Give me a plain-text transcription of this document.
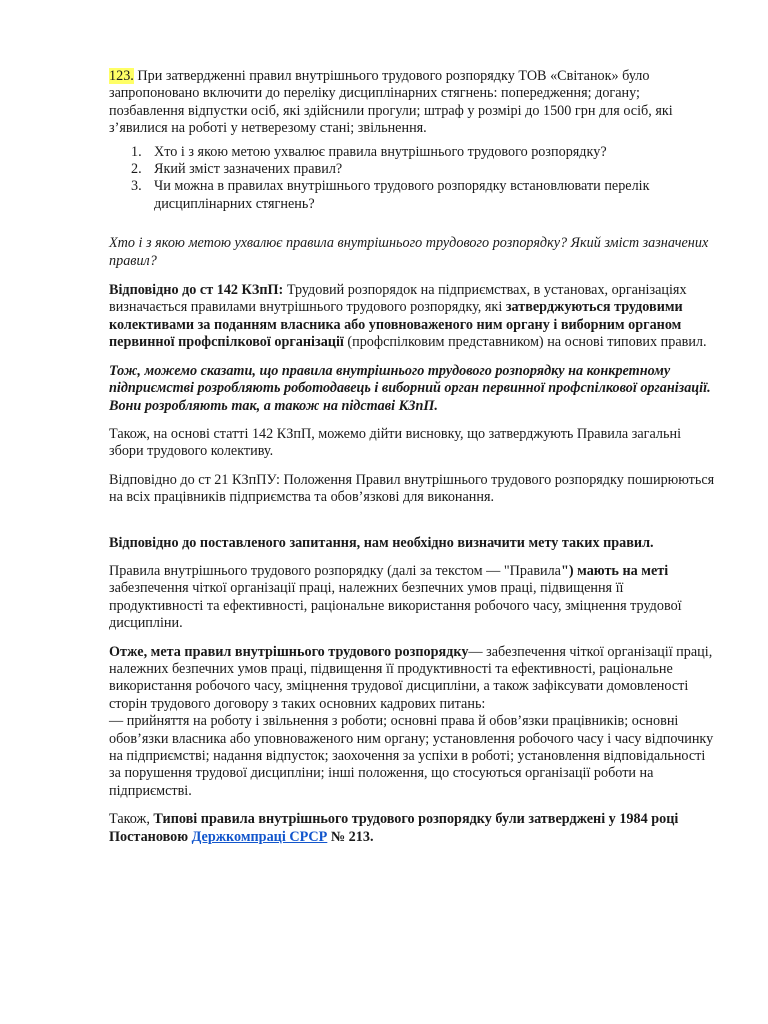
123. При затвердженні правил внутрішнього трудового розпорядку ТОВ «Світанок» було запропоновано включити до переліку дисциплінарних стягнень: попередження; догану; позбавлення відпустки осіб, які здійснили прогули; штраф у розмірі до 1500 грн для осіб, які з’явилися на роботі у нетверезому стані; звільнення.

1. Хто і з якою метою ухвалює правила внутрішнього трудового розпорядку?
2. Який зміст зазначених правил?
3. Чи можна в правилах внутрішнього трудового розпорядку встановлювати перелік дисциплінарних стягнень?

Хто і з якою метою ухвалює правила внутрішнього трудового розпорядку? Який зміст зазначених правил?

Відповідно до ст 142 КЗпП: Трудовий розпорядок на підприємствах, в установах, організаціях визначається правилами внутрішнього трудового розпорядку, які затверджуються трудовими колективами за поданням власника або уповноваженого ним органу і виборним органом первинної профспілкової організації (профспілковим представником) на основі типових правил.

Тож, можемо сказати, що правила внутрішнього трудового розпорядку на конкретному підприємстві розробляють роботодавець і виборний орган первинної профспілкової організації. Вони розробляють так, а також на підставі КЗпП.

Також, на основі статті 142 КЗпП, можемо дійти висновку, що затверджують Правила загальні збори трудового колективу.

Відповідно до ст 21 КЗпПУ: Положення Правил внутрішнього трудового розпорядку поширюються на всіх працівників підприємства та обов’язкові для виконання.

Відповідно до поставленого запитання, нам необхідно визначити мету таких правил.

Правила внутрішнього трудового розпорядку (далі за текстом — "Правила") мають на меті забезпечення чіткої організації праці, належних безпечних умов праці, підвищення її продуктивності та ефективності, раціональне використання робочого часу, зміцнення трудової дисципліни.

Отже, мета правил внутрішнього трудового розпорядку— забезпечення чіткої організації праці, належних безпечних умов праці, підвищення її продуктивності та ефективності, раціональне використання робочого часу, зміцнення трудової дисципліни, а також зафіксувати домовленості сторін трудового договору з таких основних кадрових питань:
— прийняття на роботу і звільнення з роботи; основні права й обов’язки працівників; основні обов’язки власника або уповноваженого ним органу; установлення робочого часу і часу відпочинку на підприємстві; надання відпусток; заохочення за успіхи в роботі; установлення відповідальності за порушення трудової дисципліни; інші положення, що стосуються організації роботи на підприємстві.

Також, Типові правила внутрішнього трудового розпорядку були затверджені у 1984 році Постановою Держкомпраці СРСР № 213.
